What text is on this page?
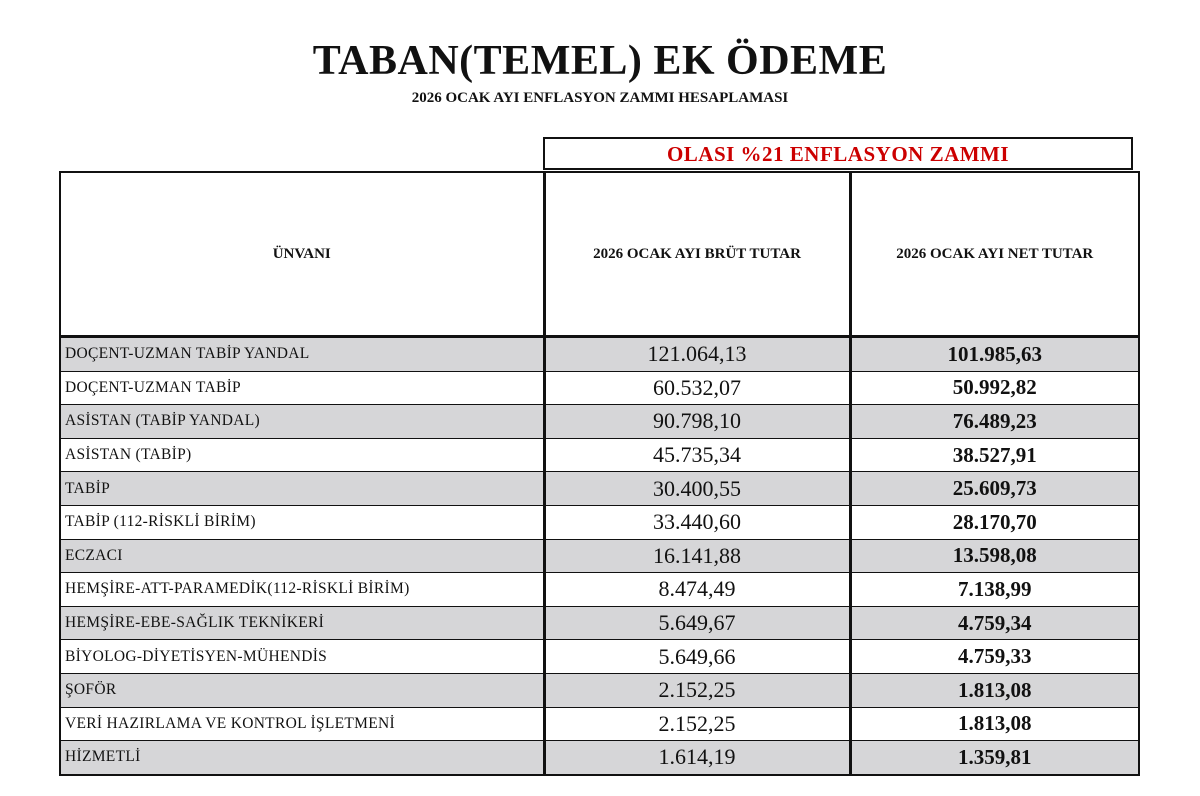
TABAN(TEMEL) EK ÖDEME
2026 OCAK AYI ENFLASYON ZAMMI HESAPLAMASI
OLASI %21 ENFLASYON ZAMMI
ÜNVANI	2026 OCAK AYI BRÜT TUTAR	2026 OCAK AYI NET TUTAR
DOÇENT-UZMAN TABİP YANDAL	121.064,13	101.985,63
DOÇENT-UZMAN TABİP	60.532,07	50.992,82
ASİSTAN (TABİP YANDAL)	90.798,10	76.489,23
ASİSTAN (TABİP)	45.735,34	38.527,91
TABİP	30.400,55	25.609,73
TABİP (112-RİSKLİ BİRİM)	33.440,60	28.170,70
ECZACI	16.141,88	13.598,08
HEMŞİRE-ATT-PARAMEDİK(112-RİSKLİ BİRİM)	8.474,49	7.138,99
HEMŞİRE-EBE-SAĞLIK TEKNİKERİ	5.649,67	4.759,34
BİYOLOG-DİYETİSYEN-MÜHENDİS	5.649,66	4.759,33
ŞOFÖR	2.152,25	1.813,08
VERİ HAZIRLAMA VE KONTROL İŞLETMENİ	2.152,25	1.813,08
HİZMETLİ	1.614,19	1.359,81
